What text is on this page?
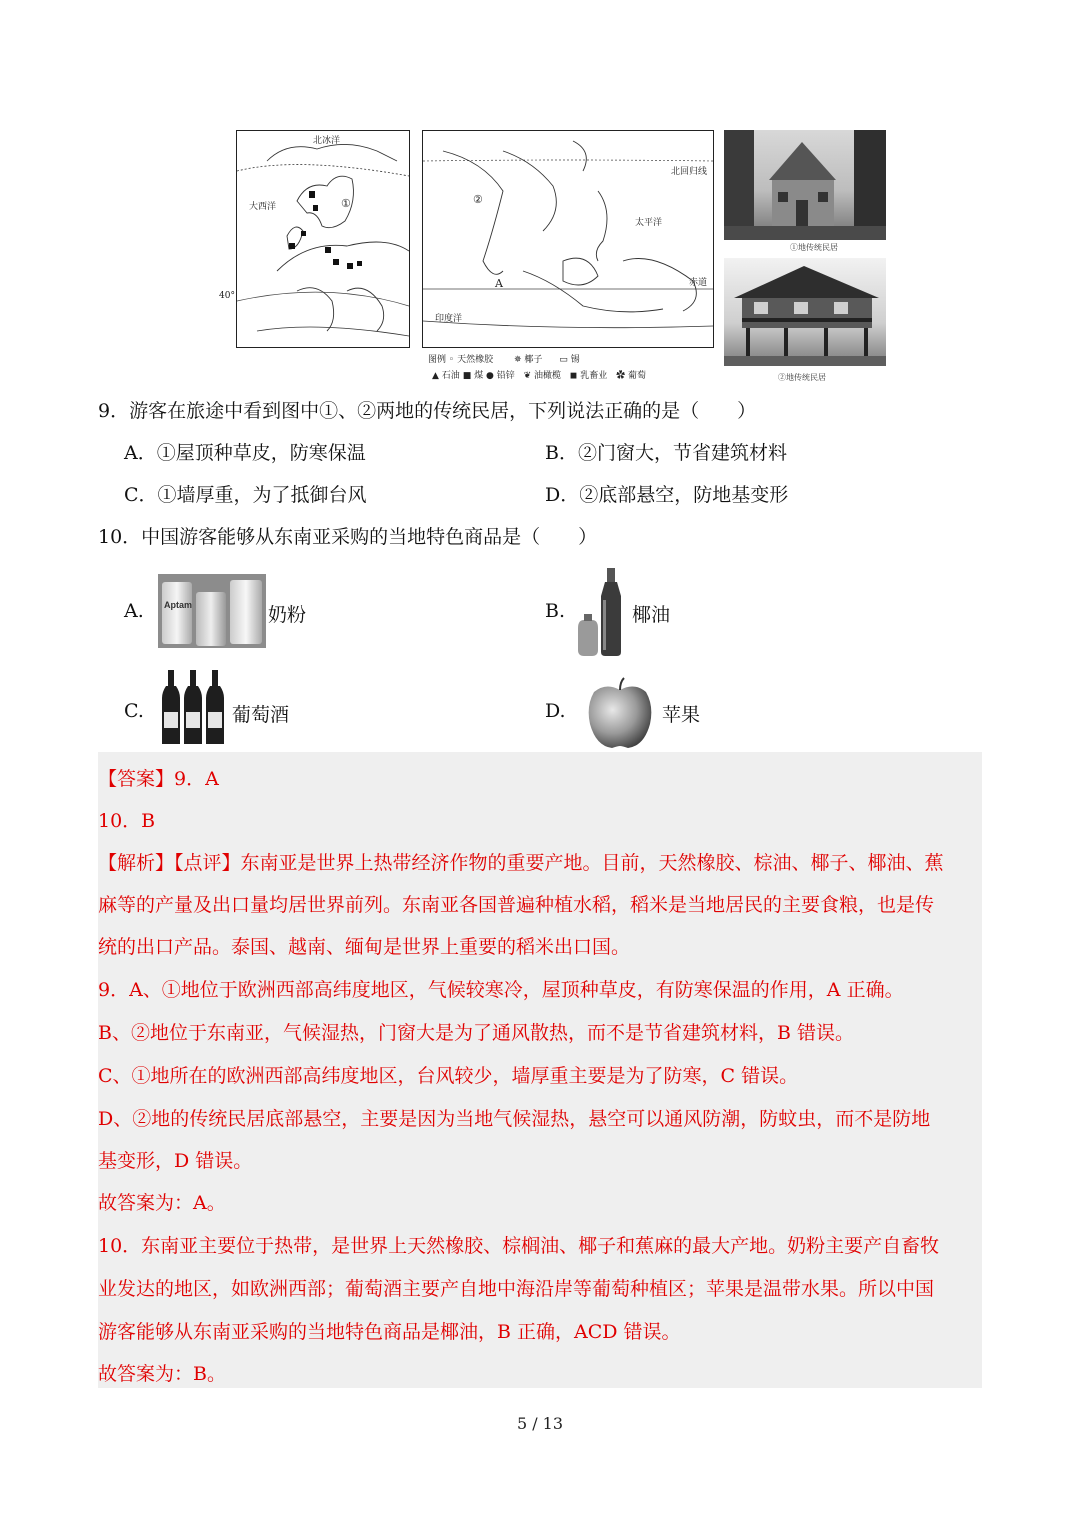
北冰洋
大西洋	①
40°
北回归线
②
太平洋
赤道
印度洋
A
图例 ◦ 天然橡胶 ✵ 椰子 ▭ 锡
▲ 石油 ■ 煤 ● 铅锌 ❦ 油橄榄 ◼ 乳畜业 ✿ 葡萄
①地传统民居
②地传统民居
9．游客在旅途中看到图中①、②两地的传统民居，下列说法正确的是（　　）
A．①屋顶种草皮，防寒保温	B．②门窗大，节省建筑材料
C．①墙厚重，为了抵御台风	D．②底部悬空，防地基变形
10．中国游客能够从东南亚采购的当地特色商品是（　　）
A. Aptam	奶粉	B.	椰油
C.	葡萄酒	D.	苹果
【答案】9．A
10．B
【解析】【点评】东南亚是世界上热带经济作物的重要产地。目前，天然橡胶、棕油、椰子、椰油、蕉
麻等的产量及出口量均居世界前列。东南亚各国普遍种植水稻，稻米是当地居民的主要食粮，也是传
统的出口产品。泰国、越南、缅甸是世界上重要的稻米出口国。
9．A、①地位于欧洲西部高纬度地区，气候较寒冷，屋顶种草皮，有防寒保温的作用，A 正确。
B、②地位于东南亚，气候湿热，门窗大是为了通风散热，而不是节省建筑材料，B 错误。
C、①地所在的欧洲西部高纬度地区，台风较少，墙厚重主要是为了防寒，C 错误。
D、②地的传统民居底部悬空，主要是因为当地气候湿热，悬空可以通风防潮，防蚊虫，而不是防地
基变形，D 错误。
故答案为：A。
10．东南亚主要位于热带，是世界上天然橡胶、棕榈油、椰子和蕉麻的最大产地。奶粉主要产自畜牧
业发达的地区，如欧洲西部；葡萄酒主要产自地中海沿岸等葡萄种植区；苹果是温带水果。所以中国
游客能够从东南亚采购的当地特色商品是椰油，B 正确，ACD 错误。
故答案为：B。
5 / 13
